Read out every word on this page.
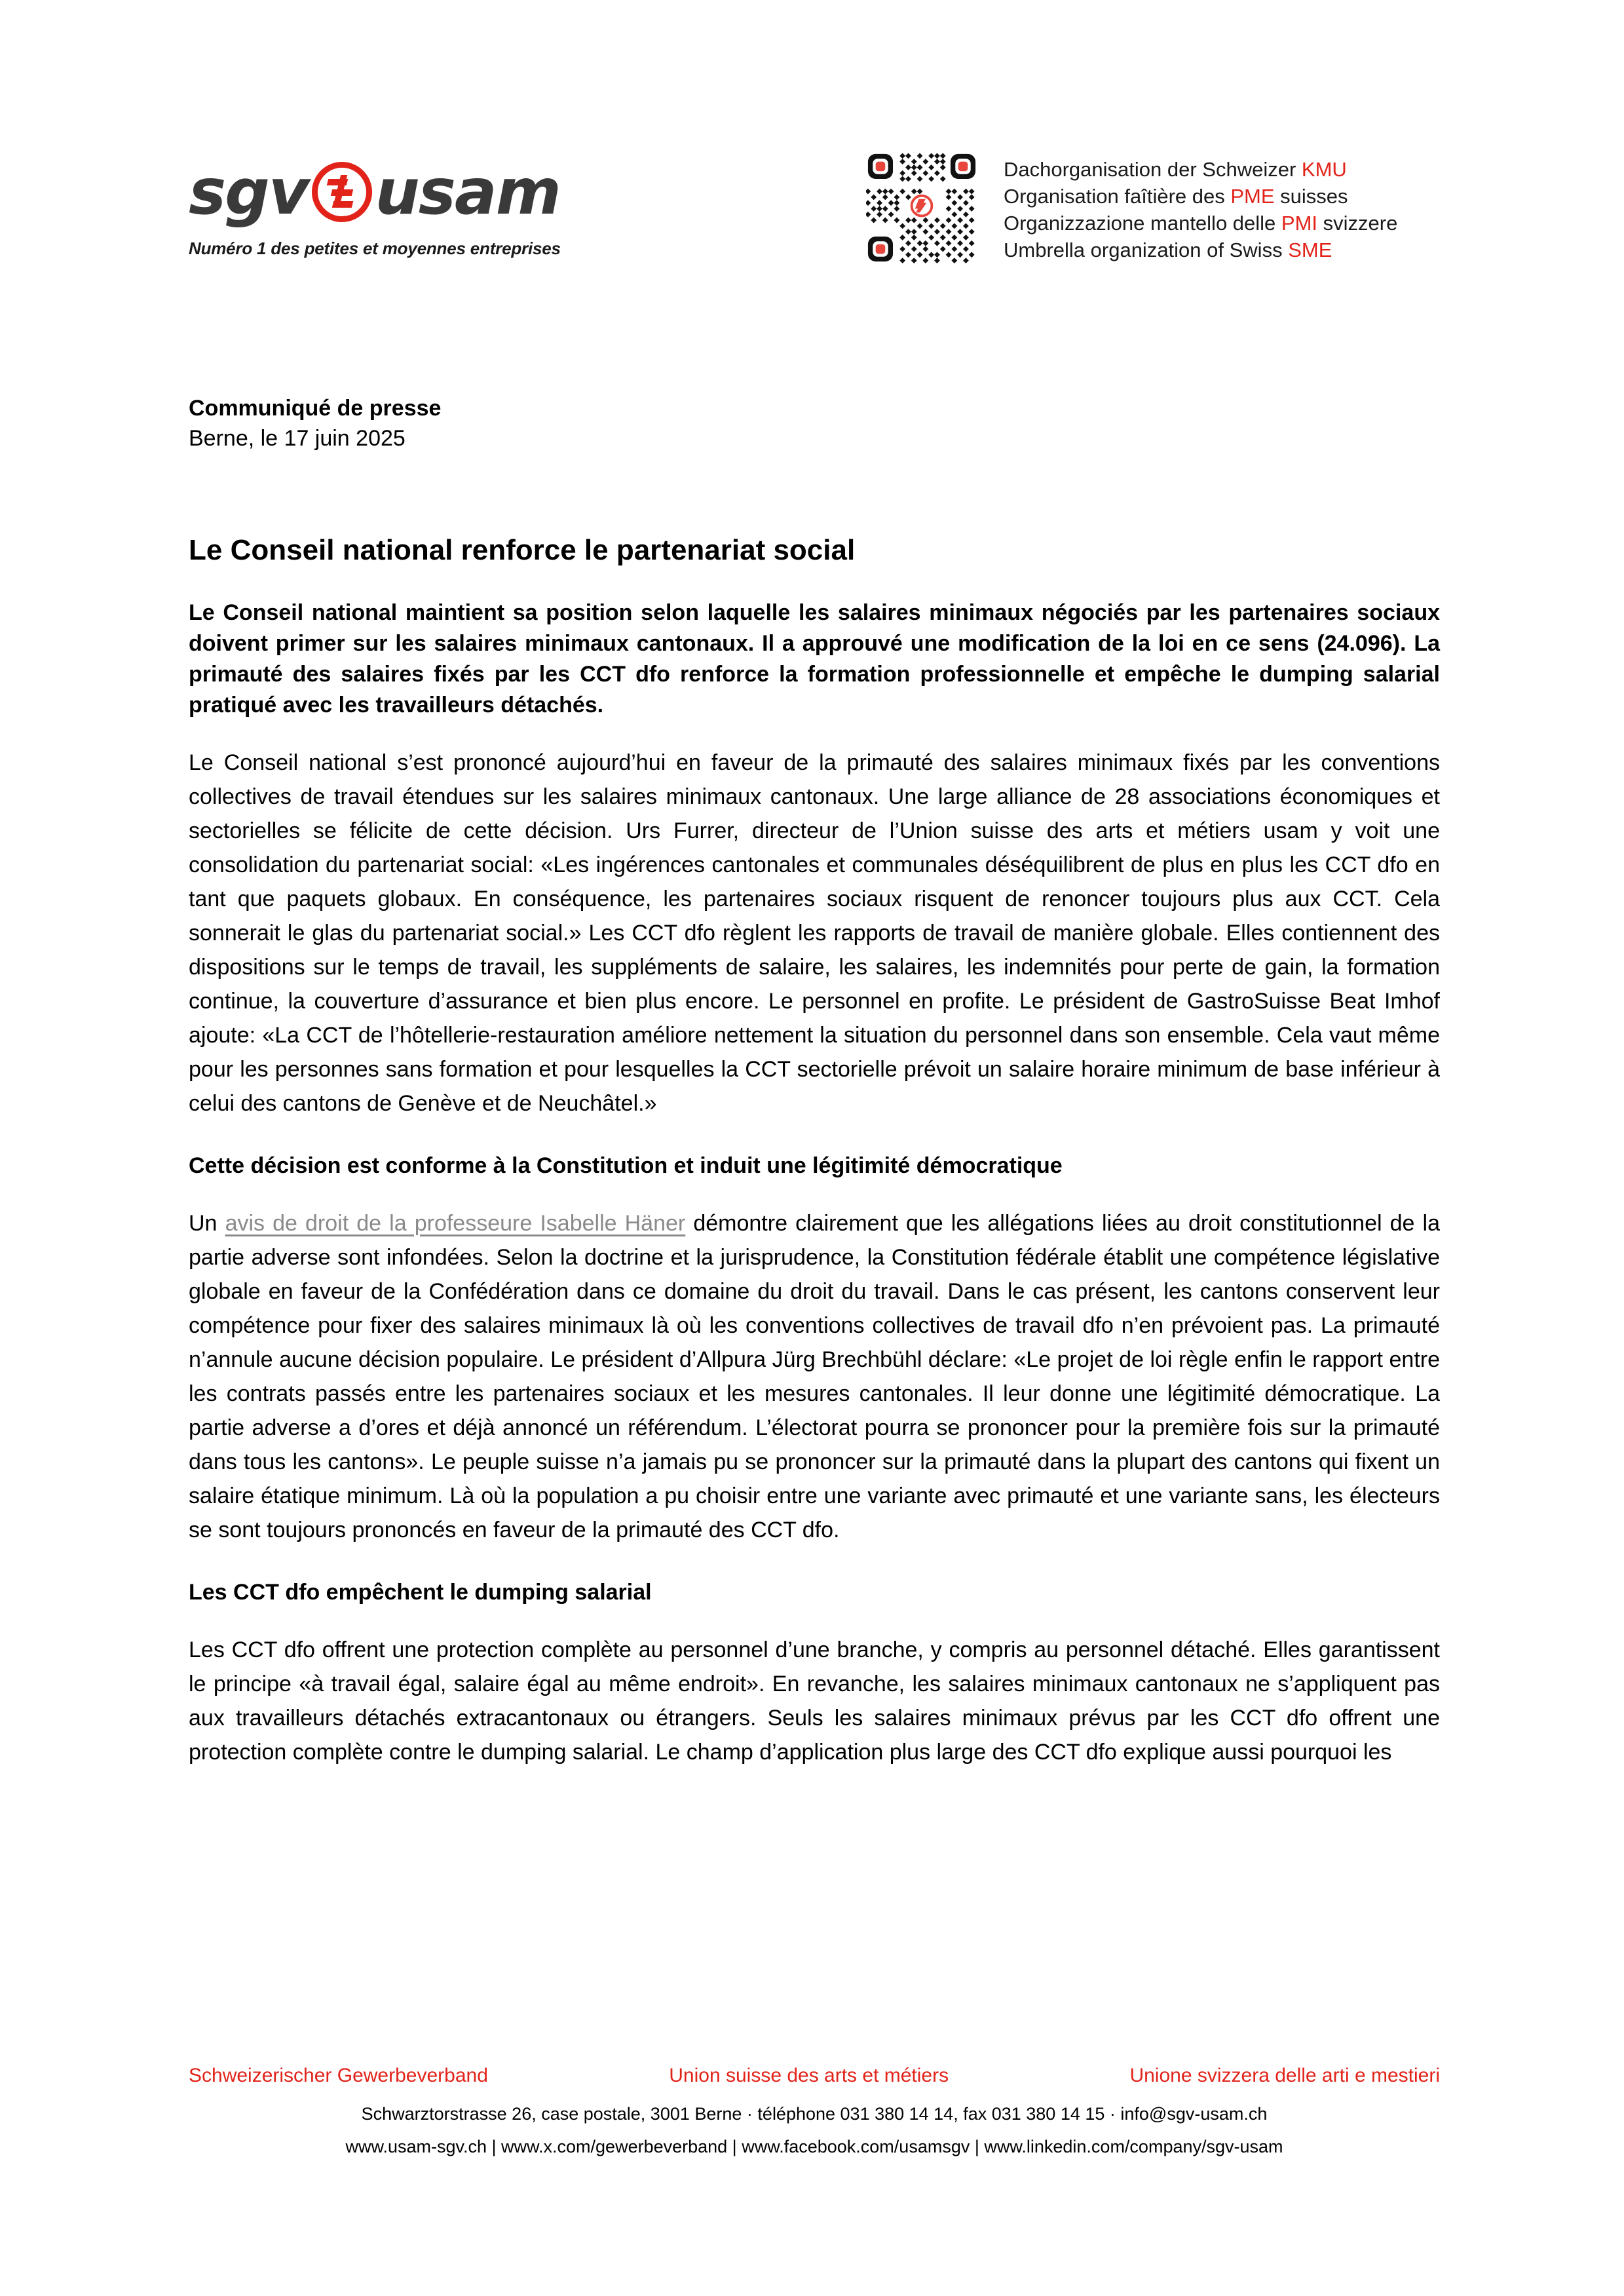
sgv usam
Numéro 1 des petites et moyennes entreprises
Dachorganisation der Schweizer KMU
Organisation faîtière des PME suisses
Organizzazione mantello delle PMI svizzere
Umbrella organization of Swiss SME
Communiqué de presse
Berne, le 17 juin 2025
Le Conseil national renforce le partenariat social

Le Conseil national maintient sa position selon laquelle les salaires minimaux négociés par les partenaires sociaux doivent primer sur les salaires minimaux cantonaux. Il a approuvé une modification de la loi en ce sens (24.096). La primauté des salaires fixés par les CCT dfo renforce la formation professionnelle et empêche le dumping salarial pratiqué avec les travailleurs détachés.

Le Conseil national s’est prononcé aujourd’hui en faveur de la primauté des salaires minimaux fixés par les conventions collectives de travail étendues sur les salaires minimaux cantonaux. Une large alliance de 28 associations économiques et sectorielles se félicite de cette décision. Urs Furrer, directeur de l’Union suisse des arts et métiers usam y voit une consolidation du partenariat social: «Les ingérences cantonales et communales déséquilibrent de plus en plus les CCT dfo en tant que paquets globaux. En conséquence, les partenaires sociaux risquent de renoncer toujours plus aux CCT. Cela sonnerait le glas du partenariat social.» Les CCT dfo règlent les rapports de travail de manière globale. Elles contiennent des dispositions sur le temps de travail, les suppléments de salaire, les salaires, les indemnités pour perte de gain, la formation continue, la couverture d’assurance et bien plus encore. Le personnel en profite. Le président de GastroSuisse Beat Imhof ajoute: «La CCT de l’hôtellerie-restauration améliore nettement la situation du personnel dans son ensemble. Cela vaut même pour les personnes sans formation et pour lesquelles la CCT sectorielle prévoit un salaire horaire minimum de base inférieur à celui des cantons de Genève et de Neuchâtel.»

Cette décision est conforme à la Constitution et induit une légitimité démocratique

Un avis de droit de la professeure Isabelle Häner démontre clairement que les allégations liées au droit constitutionnel de la partie adverse sont infondées. Selon la doctrine et la jurisprudence, la Constitution fédérale établit une compétence législative globale en faveur de la Confédération dans ce domaine du droit du travail. Dans le cas présent, les cantons conservent leur compétence pour fixer des salaires minimaux là où les conventions collectives de travail dfo n’en prévoient pas. La primauté n’annule aucune décision populaire. Le président d’Allpura Jürg Brechbühl déclare: «Le projet de loi règle enfin le rapport entre les contrats passés entre les partenaires sociaux et les mesures cantonales. Il leur donne une légitimité démocratique. La partie adverse a d’ores et déjà annoncé un référendum. L’électorat pourra se prononcer pour la première fois sur la primauté dans tous les cantons». Le peuple suisse n’a jamais pu se prononcer sur la primauté dans la plupart des cantons qui fixent un salaire étatique minimum. Là où la population a pu choisir entre une variante avec primauté et une variante sans, les électeurs se sont toujours prononcés en faveur de la primauté des CCT dfo.

Les CCT dfo empêchent le dumping salarial

Les CCT dfo offrent une protection complète au personnel d’une branche, y compris au personnel détaché. Elles garantissent le principe «à travail égal, salaire égal au même endroit». En revanche, les salaires minimaux cantonaux ne s’appliquent pas aux travailleurs détachés extracantonaux ou étrangers. Seuls les salaires minimaux prévus par les CCT dfo offrent une protection complète contre le dumping salarial. Le champ d’application plus large des CCT dfo explique aussi pourquoi les

Schweizerischer Gewerbeverband	Union suisse des arts et métiers	Unione svizzera delle arti e mestieri
Schwarztorstrasse 26, case postale, 3001 Berne · téléphone 031 380 14 14, fax 031 380 14 15 · info@sgv-usam.ch
www.usam-sgv.ch | www.x.com/gewerbeverband | www.facebook.com/usamsgv | www.linkedin.com/company/sgv-usam
